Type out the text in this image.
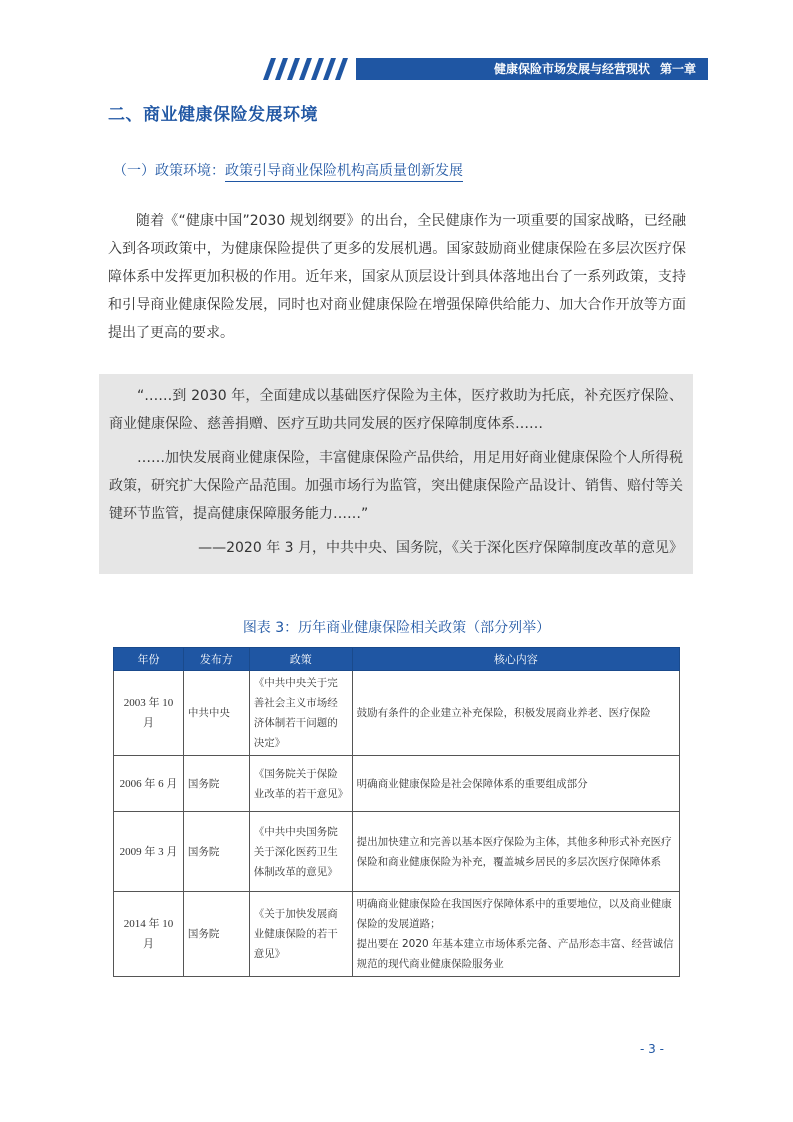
健康保险市场发展与经营现状 第一章
二、商业健康保险发展环境
（一）政策环境：政策引导商业保险机构高质量创新发展
随着《“健康中国”2030 规划纲要》的出台，全民健康作为一项重要的国家战略，已经融入到各项政策中，为健康保险提供了更多的发展机遇。国家鼓励商业健康保险在多层次医疗保障体系中发挥更加积极的作用。近年来，国家从顶层设计到具体落地出台了一系列政策，支持和引导商业健康保险发展，同时也对商业健康保险在增强保障供给能力、加大合作开放等方面提出了更高的要求。

“……到 2030 年，全面建成以基础医疗保险为主体，医疗救助为托底，补充医疗保险、商业健康保险、慈善捐赠、医疗互助共同发展的医疗保障制度体系……

……加快发展商业健康保险，丰富健康保险产品供给，用足用好商业健康保险个人所得税政策，研究扩大保险产品范围。加强市场行为监管，突出健康保险产品设计、销售、赔付等关键环节监管，提高健康保障服务能力……”

——2020 年 3 月，中共中央、国务院，《关于深化医疗保障制度改革的意见》
图表 3：历年商业健康保险相关政策（部分列举）
年份	发布方	政策	核心内容
2003 年 10 月	中共中央	《中共中央关于完善社会主义市场经济体制若干问题的决定》	鼓励有条件的企业建立补充保险，积极发展商业养老、医疗保险
2006 年 6 月	国务院	《国务院关于保险业改革的若干意见》	明确商业健康保险是社会保障体系的重要组成部分
2009 年 3 月	国务院	《中共中央国务院关于深化医药卫生体制改革的意见》	提出加快建立和完善以基本医疗保险为主体，其他多种形式补充医疗保险和商业健康保险为补充，覆盖城乡居民的多层次医疗保障体系
2014 年 10 月	国务院	《关于加快发展商业健康保险的若干意见》	明确商业健康保险在我国医疗保障体系中的重要地位，以及商业健康保险的发展道路；
提出要在 2020 年基本建立市场体系完备、产品形态丰富、经营诚信规范的现代商业健康保险服务业
- 3 -
